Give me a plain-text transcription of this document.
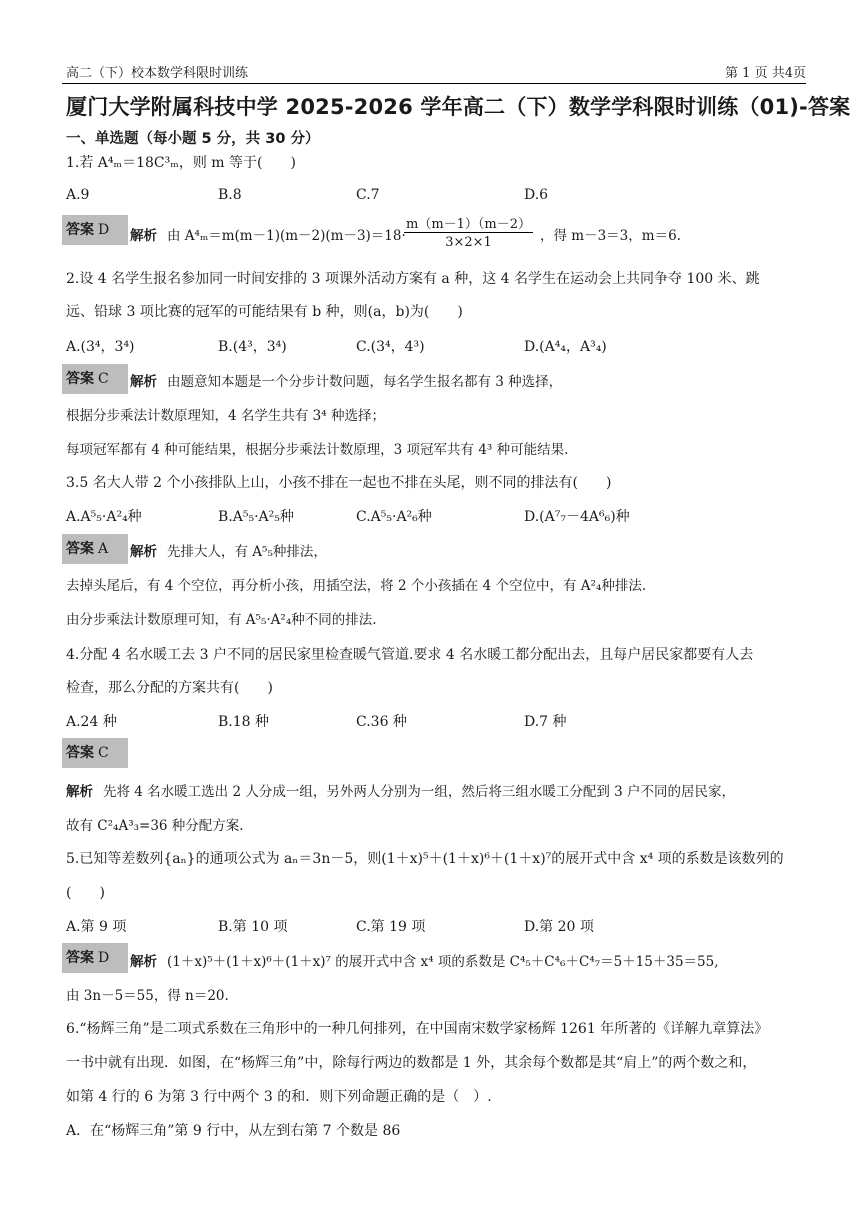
高二（下）校本数学科限时训练	第 1 页 共4页
厦门大学附属科技中学 2025-2026 学年高二（下）数学学科限时训练（01)-答案
一、单选题（每小题 5 分，共 30 分）
1.若 A⁴ₘ＝18C³ₘ，则 m 等于(　　)
A.9	B.8	C.7	D.6
答案 D	解析 由 A⁴ₘ＝m(m－1)(m－2)(m－3)＝18·
$\frac{m(m-1)(m-2)}{3\times 2\times 1}$ ，得 m－3＝3，m＝6.
2.设 4 名学生报名参加同一时间安排的 3 项课外活动方案有 a 种，这 4 名学生在运动会上共同争夺 100 米、跳
远、铅球 3 项比赛的冠军的可能结果有 b 种，则(a，b)为(　　)
A.(3⁴，3⁴)	B.(4³，3⁴)	C.(3⁴，4³)	D.(A⁴₄，A³₄)
答案 C	解析 由题意知本题是一个分步计数问题，每名学生报名都有 3 种选择，
根据分步乘法计数原理知，4 名学生共有 3⁴ 种选择；
每项冠军都有 4 种可能结果，根据分步乘法计数原理，3 项冠军共有 4³ 种可能结果.
3.5 名大人带 2 个小孩排队上山，小孩不排在一起也不排在头尾，则不同的排法有(　　)
A.A⁵₅·A²₄种	B.A⁵₅·A²₅种	C.A⁵₅·A²₆种	D.(A⁷₇－4A⁶₆)种
答案 A	解析 先排大人，有 A⁵₅种排法，
去掉头尾后，有 4 个空位，再分析小孩，用插空法，将 2 个小孩插在 4 个空位中，有 A²₄种排法.
由分步乘法计数原理可知，有 A⁵₅·A²₄种不同的排法.
4.分配 4 名水暖工去 3 户不同的居民家里检查暖气管道.要求 4 名水暖工都分配出去，且每户居民家都要有人去
检查，那么分配的方案共有(　　)
A.24 种	B.18 种	C.36 种	D.7 种
答案 C
解析 先将 4 名水暖工选出 2 人分成一组，另外两人分别为一组，然后将三组水暖工分配到 3 户不同的居民家，
故有 C²₄A³₃=36 种分配方案.
5.已知等差数列{aₙ}的通项公式为 aₙ＝3n－5，则(1＋x)⁵＋(1＋x)⁶＋(1＋x)⁷的展开式中含 x⁴ 项的系数是该数列的
(　　)
A.第 9 项	B.第 10 项	C.第 19 项	D.第 20 项
答案 D	解析 (1＋x)⁵＋(1＋x)⁶＋(1＋x)⁷ 的展开式中含 x⁴ 项的系数是 C⁴₅＋C⁴₆＋C⁴₇＝5＋15＋35＝55,
由 3n－5＝55，得 n＝20.
6.“杨辉三角”是二项式系数在三角形中的一种几何排列，在中国南宋数学家杨辉 1261 年所著的《详解九章算法》
一书中就有出现．如图，在“杨辉三角”中，除每行两边的数都是 1 外，其余每个数都是其“肩上”的两个数之和，
如第 4 行的 6 为第 3 行中两个 3 的和．则下列命题正确的是（　）.
A．在“杨辉三角”第 9 行中，从左到右第 7 个数是 86
